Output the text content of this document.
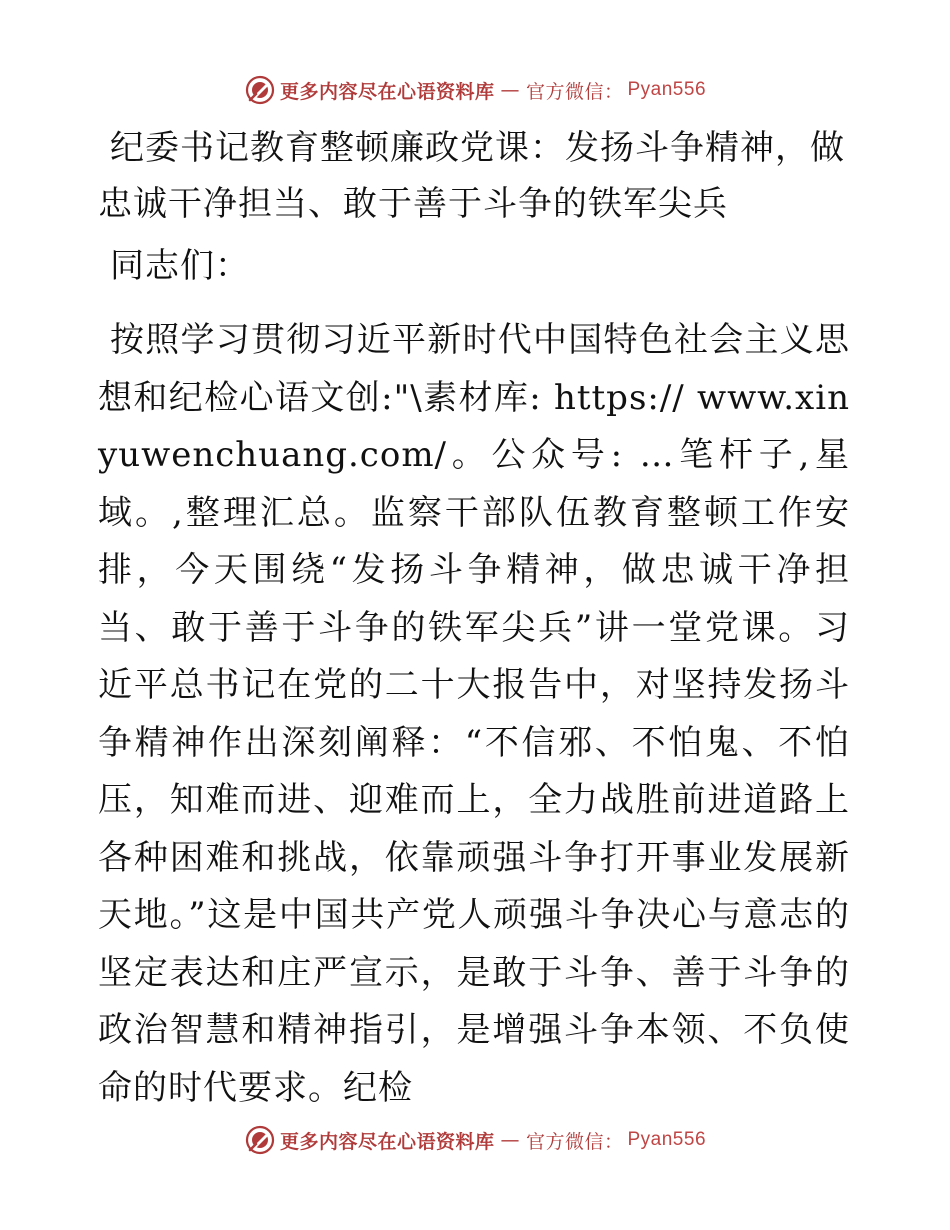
更多内容尽在心语资料库 — 官方微信： Pyan556
纪委书记教育整顿廉政党课：发扬斗争精神，做忠诚干净担当、敢于善于斗争的铁军尖兵

同志们：

按照学习贯彻习近平新时代中国特色社会主义思想和纪检心语文创:"\素材库: https:// www.xinyuwenchuang.com/。公众号: …笔杆子,星域。,整理汇总。监察干部队伍教育整顿工作安排，今天围绕“发扬斗争精神，做忠诚干净担当、敢于善于斗争的铁军尖兵”讲一堂党课。习近平总书记在党的二十大报告中，对坚持发扬斗争精神作出深刻阐释：“不信邪、不怕鬼、不怕压，知难而进、迎难而上，全力战胜前进道路上各种困难和挑战，依靠顽强斗争打开事业发展新天地。”这是中国共产党人顽强斗争决心与意志的坚定表达和庄严宣示，是敢于斗争、善于斗争的政治智慧和精神指引，是增强斗争本领、不负使命的时代要求。纪检

更多内容尽在心语资料库 — 官方微信： Pyan556
